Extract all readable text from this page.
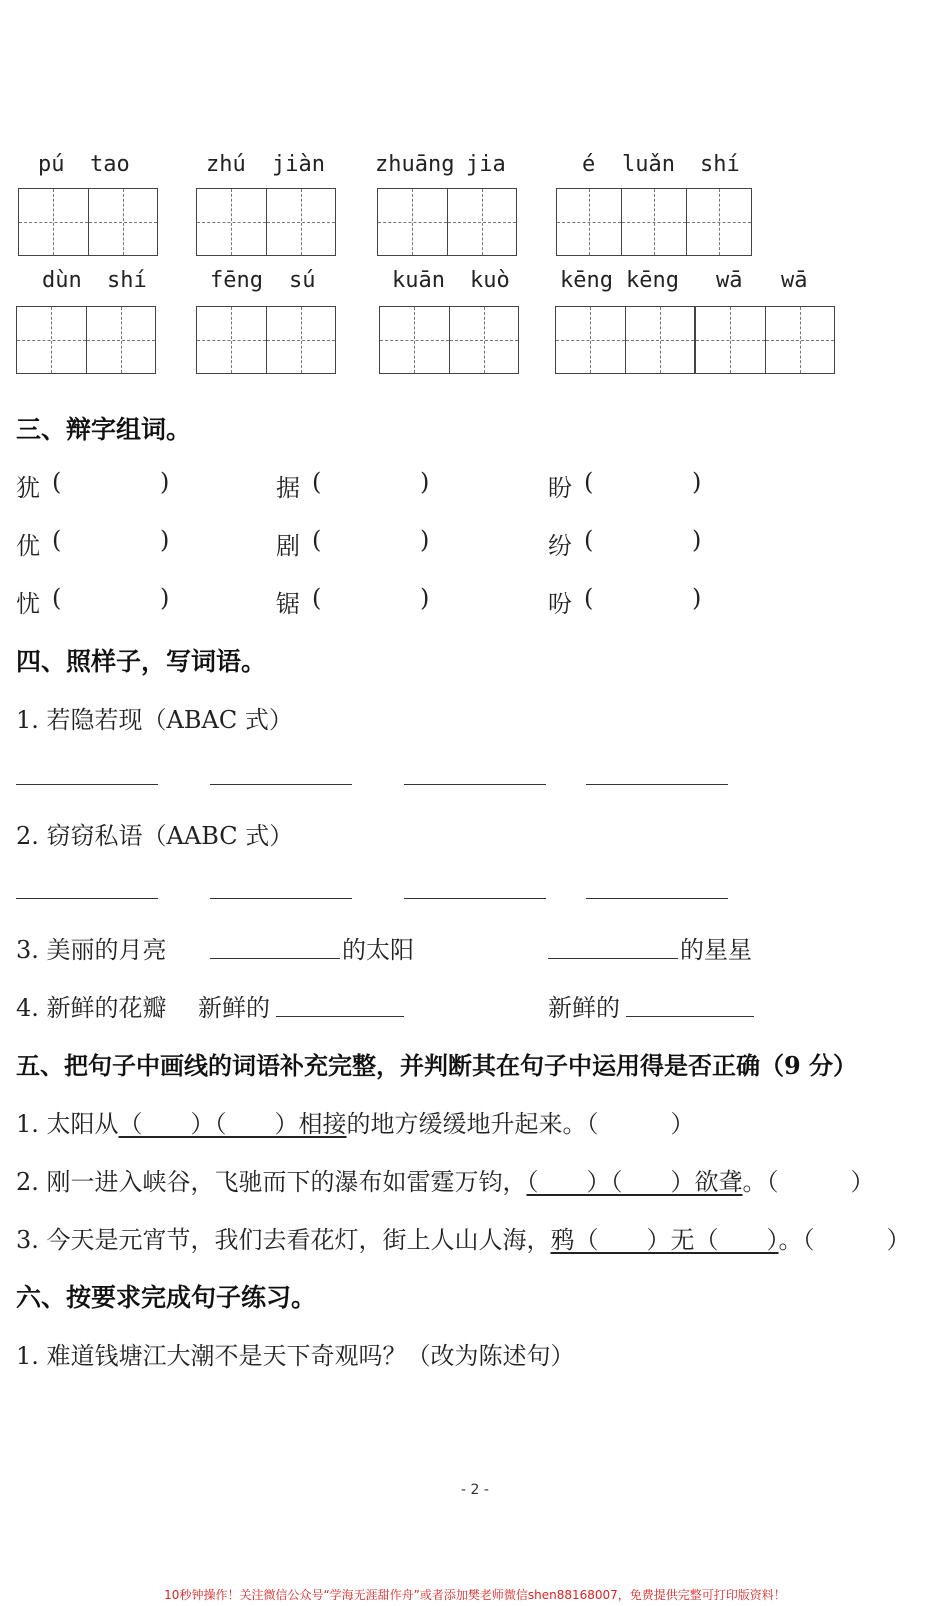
pú tao	zhú jiàn zhuāng jia	é luǎn shí
dùn shí	fēng sú	kuān kuò kēng kēng wā wā
三、辩字组词。
犹 (	)	据 (	)	盼 (	)
优 (	)	剧 (	)	纷 (	)
忧 (	)	锯 (	)	吩 (	)
四、照样子，写词语。
1. 若隐若现（ABAC 式）
2. 窃窃私语（AABC 式）
3. 美丽的月亮	的太阳	的星星
4. 新鲜的花瓣 新鲜的	新鲜的
五、把句子中画线的词语补充完整，并判断其在句子中运用得是否正确（9 分）
1. 太阳从（　　）（　　）相接的地方缓缓地升起来。（　　　）
2. 刚一进入峡谷，飞驰而下的瀑布如雷霆万钧，（　　）（　　）欲聋。（　　　）
3. 今天是元宵节，我们去看花灯，街上人山人海，鸦（　　）无（　　）。（　　　）
六、按要求完成句子练习。
1. 难道钱塘江大潮不是天下奇观吗？（改为陈述句）
- 2 -
10秒钟操作！关注微信公众号“学海无涯甜作舟”或者添加樊老师微信shen88168007，免费提供完整可打印版资料！
